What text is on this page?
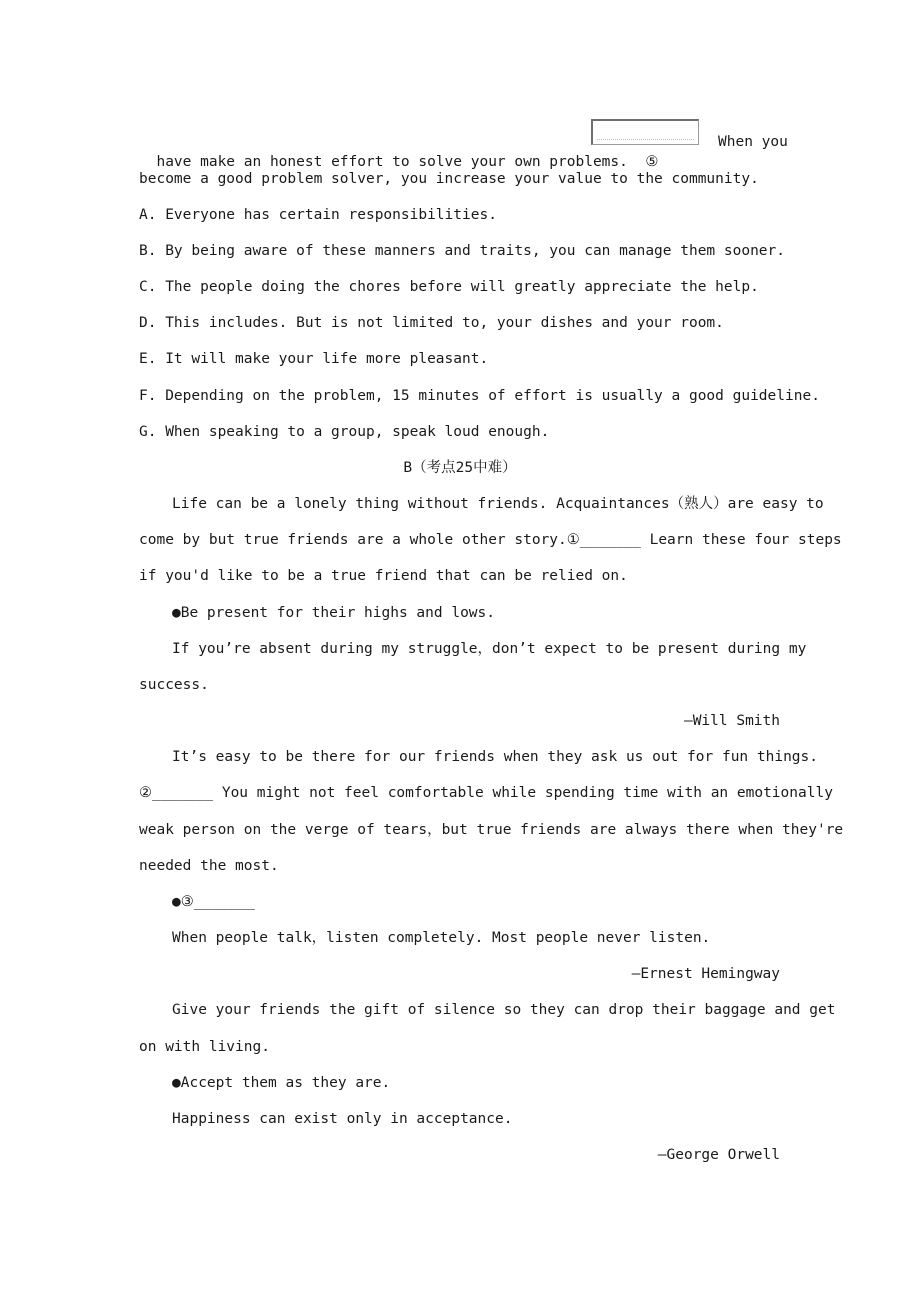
have make an honest effort to solve your own problems.  ⑤

When you
become a good problem solver, you increase your value to the community.
A. Everyone has certain responsibilities.
B. By being aware of these manners and traits, you can manage them sooner.
C. The people doing the chores before will greatly appreciate the help.
D. This includes. But is not limited to, your dishes and your room.
E. It will make your life more pleasant.
F. Depending on the problem, 15 minutes of effort is usually a good guideline.
G. When speaking to a group, speak loud enough.
B（考点25中难）
Life can be a lonely thing without friends. Acquaintances（熟人）are easy to
come by but true friends are a whole other story.①_______ Learn these four steps
if you'd like to be a true friend that can be relied on.
●Be present for their highs and lows.
If you’re absent during my struggle，don’t expect to be present during my
success.
—Will Smith
It’s easy to be there for our friends when they ask us out for fun things.
②_______ You might not feel comfortable while spending time with an emotionally
weak person on the verge of tears，but true friends are always there when they're
needed the most.
●③_______
When people talk，listen completely. Most people never listen.
—Ernest Hemingway
Give your friends the gift of silence so they can drop their baggage and get
on with living.
●Accept them as they are.
Happiness can exist only in acceptance.
—George Orwell
